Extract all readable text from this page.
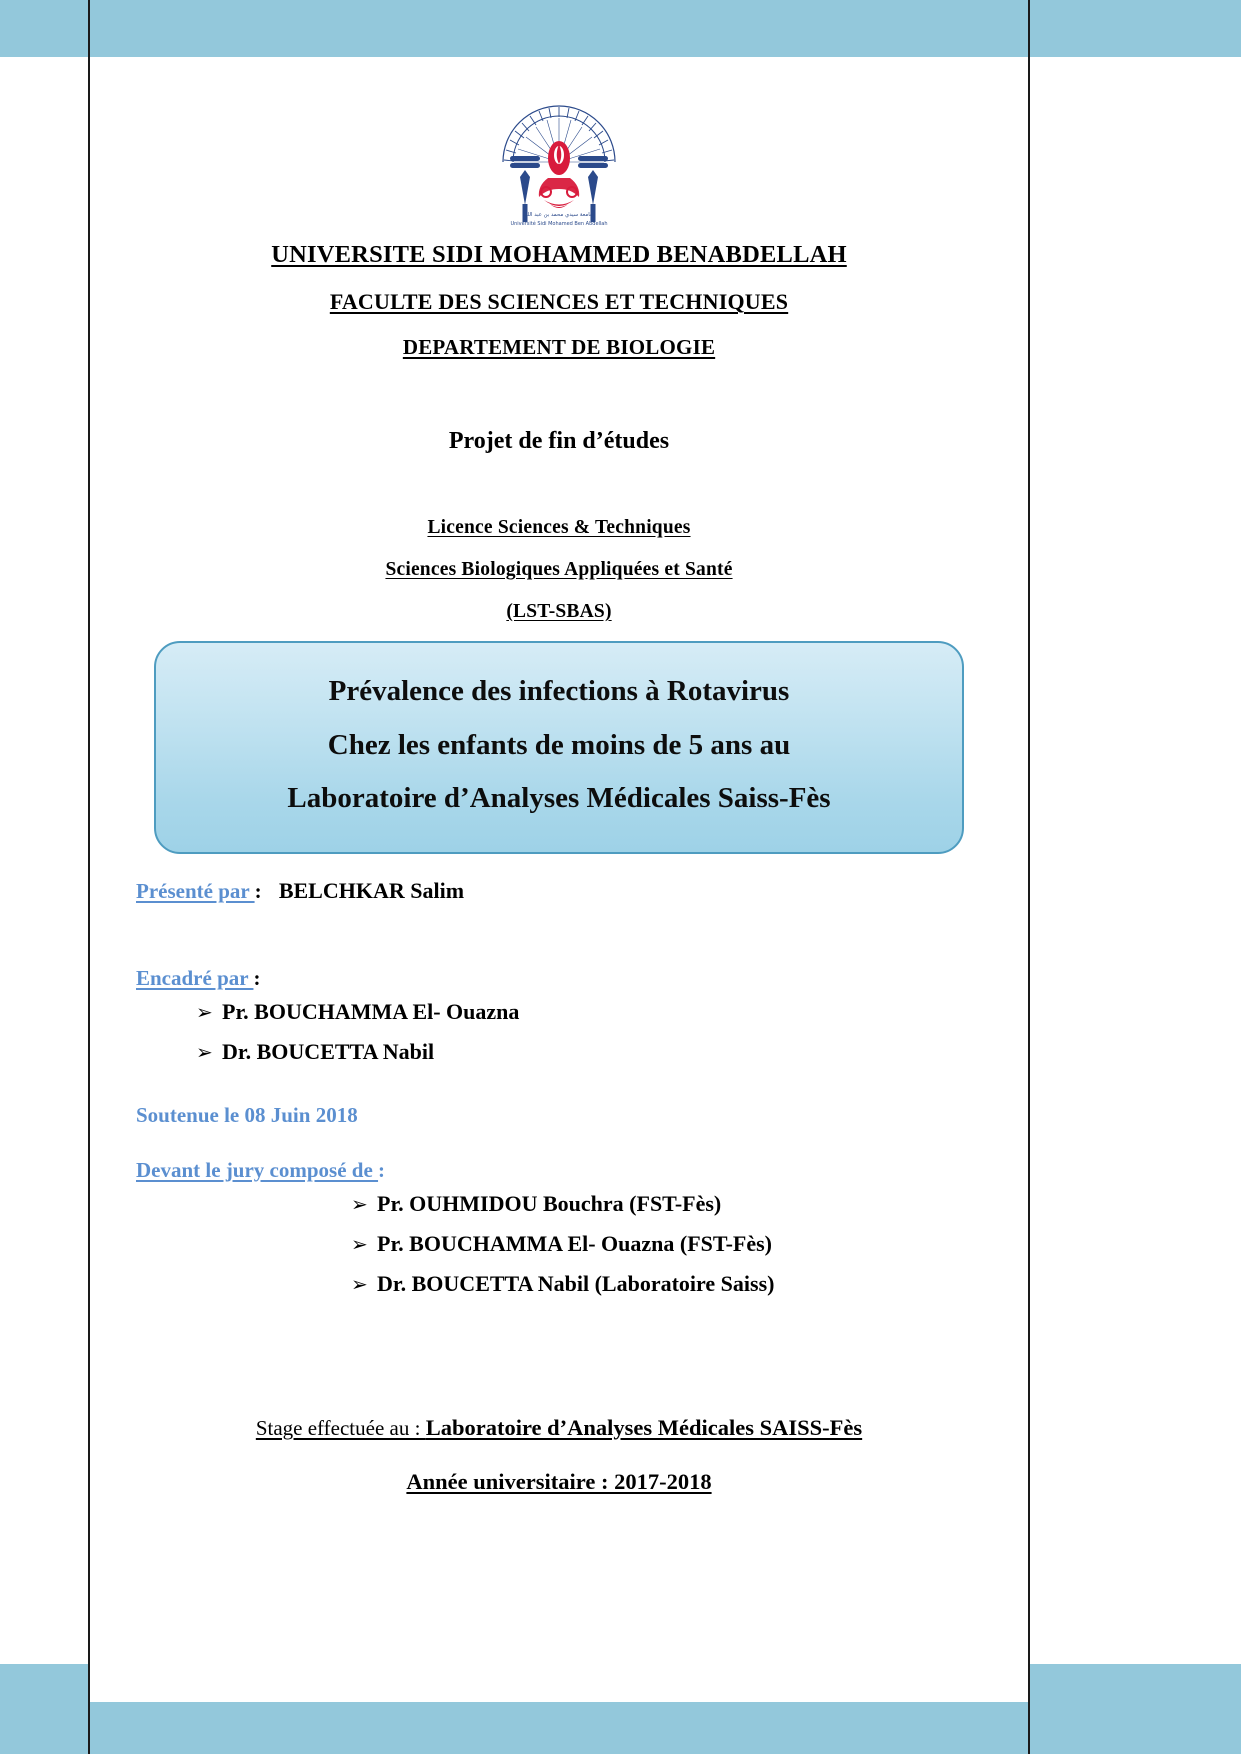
جامعة سيدي محمد بن عبد الله
Université Sidi Mohamed Ben Abdellah
UNIVERSITE SIDI MOHAMMED BENABDELLAH
FACULTE DES SCIENCES ET TECHNIQUES
DEPARTEMENT DE BIOLOGIE
Projet de fin d’études
Licence Sciences & Techniques
Sciences Biologiques Appliquées et Santé
(LST-SBAS)
Prévalence des infections à Rotavirus
Chez les enfants de moins de 5 ans au
Laboratoire d’Analyses Médicales Saiss-Fès
Présenté par : BELCHKAR Salim
Encadré par :
➢ Pr. BOUCHAMMA El- Ouazna
➢ Dr. BOUCETTA Nabil
Soutenue le 08 Juin 2018
Devant le jury composé de :
➢ Pr. OUHMIDOU Bouchra (FST-Fès)
➢ Pr. BOUCHAMMA El- Ouazna (FST-Fès)
➢ Dr. BOUCETTA Nabil (Laboratoire Saiss)
Stage effectuée au : Laboratoire d’Analyses Médicales SAISS-Fès
Année universitaire : 2017-2018
